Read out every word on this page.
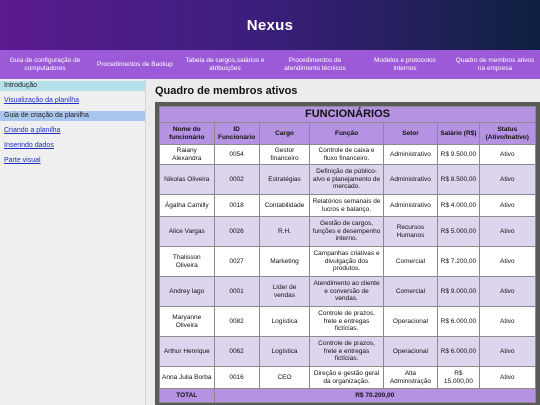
Nexus
Guia de configuração de computadores
Procedimentos de Backup
Tabela de cargos,salários e atribuições
Procedimentos de atendimento técnicos
Modelos e protocolos internos
Quadro de membros ativos na empresa
Introdução
Visualização da planilha
Guia de criação da planilha
Criando a planilha
Inserindo dados
Parte visual
Quadro de membros ativos
FUNCIONÁRIOS						
Nome do funcionário	ID Funcionário	Cargo	Função	Setor	Salário (R$)	Status (Ativo/Inativo)
Raiany Alexandra	0054	Gestor financeiro	Controle de caixa e fluxo financeiro.	Administrativo	R$ 9.500,00	Ativo
Nikolas Oliveira	0002	Estratégias	Definição de público-alvo e planejamento de mercado.	Administrativo	R$ 8.500,00	Ativo
Ágatha Camilly	0018	Contabilidade	Relatórios semanais de lucros e balanço.	Administrativo	R$ 4.000,00	Ativo
Alice Vargas	0026	R.H.	Gestão de cargos, funções e desempenho interno.	Recursos Humanos	R$ 5.000,00	Ativo
Thalisson Oliveira	0027	Marketing	Campanhas criativas e divulgação dos produtos.	Comercial	R$ 7.200,00	Ativo
Andrey Iago	0001	Líder de vendas	Atendimento ao cliente e conversão de vendas.	Comercial	R$ 9.000,00	Ativo
Maryanne Oliveira	0082	Logística	Controle de prazos, frete e entregas fictícias.	Operacional	R$ 6.000,00	Ativo
Arthur Henrique	0062	Logística	Controle de prazos, frete e entregas fictícias.	Operacional	R$ 6.000,00	Ativo
Anna Julia Borba	0016	CEO	Direção e gestão geral da organização.	Alta Administração	R$ 15.000,00	Ativo
TOTAL	R$ 70.200,00					
